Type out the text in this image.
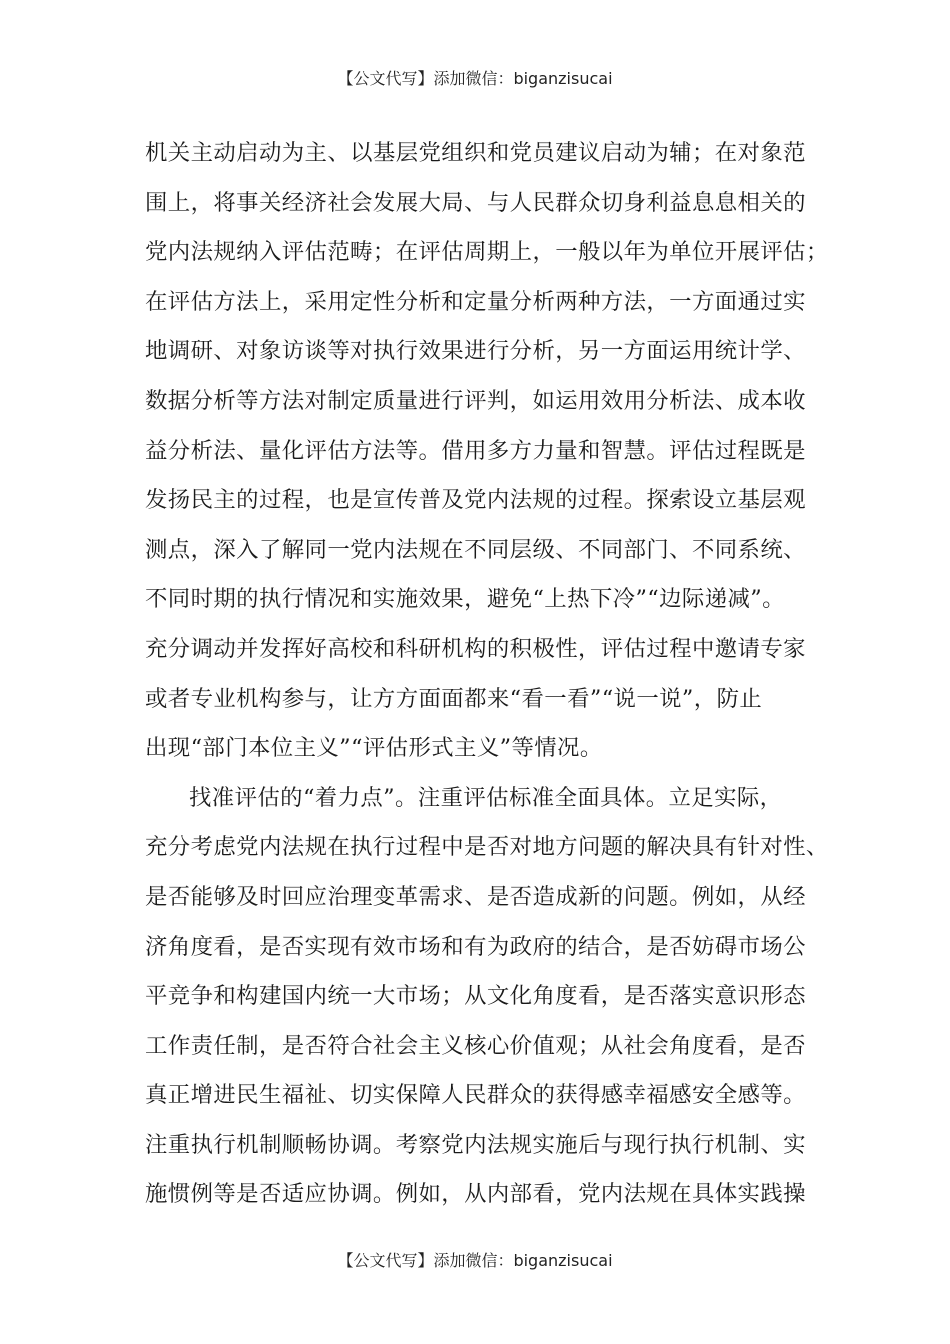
【公文代写】添加微信：biganzisucai
机关主动启动为主、以基层党组织和党员建议启动为辅；在对象范
围上，将事关经济社会发展大局、与人民群众切身利益息息相关的
党内法规纳入评估范畴；在评估周期上，一般以年为单位开展评估；
在评估方法上，采用定性分析和定量分析两种方法，一方面通过实
地调研、对象访谈等对执行效果进行分析，另一方面运用统计学、
数据分析等方法对制定质量进行评判，如运用效用分析法、成本收
益分析法、量化评估方法等。借用多方力量和智慧。评估过程既是
发扬民主的过程，也是宣传普及党内法规的过程。探索设立基层观
测点，深入了解同一党内法规在不同层级、不同部门、不同系统、
不同时期的执行情况和实施效果，避免“上热下冷”“边际递减”。
充分调动并发挥好高校和科研机构的积极性，评估过程中邀请专家
或者专业机构参与，让方方面面都来“看一看”“说一说”，防止
出现“部门本位主义”“评估形式主义”等情况。
找准评估的“着力点”。注重评估标准全面具体。立足实际，
充分考虑党内法规在执行过程中是否对地方问题的解决具有针对性、
是否能够及时回应治理变革需求、是否造成新的问题。例如，从经
济角度看，是否实现有效市场和有为政府的结合，是否妨碍市场公
平竞争和构建国内统一大市场；从文化角度看，是否落实意识形态
工作责任制，是否符合社会主义核心价值观；从社会角度看，是否
真正增进民生福祉、切实保障人民群众的获得感幸福感安全感等。
注重执行机制顺畅协调。考察党内法规实施后与现行执行机制、实
施惯例等是否适应协调。例如，从内部看，党内法规在具体实践操
【公文代写】添加微信：biganzisucai
